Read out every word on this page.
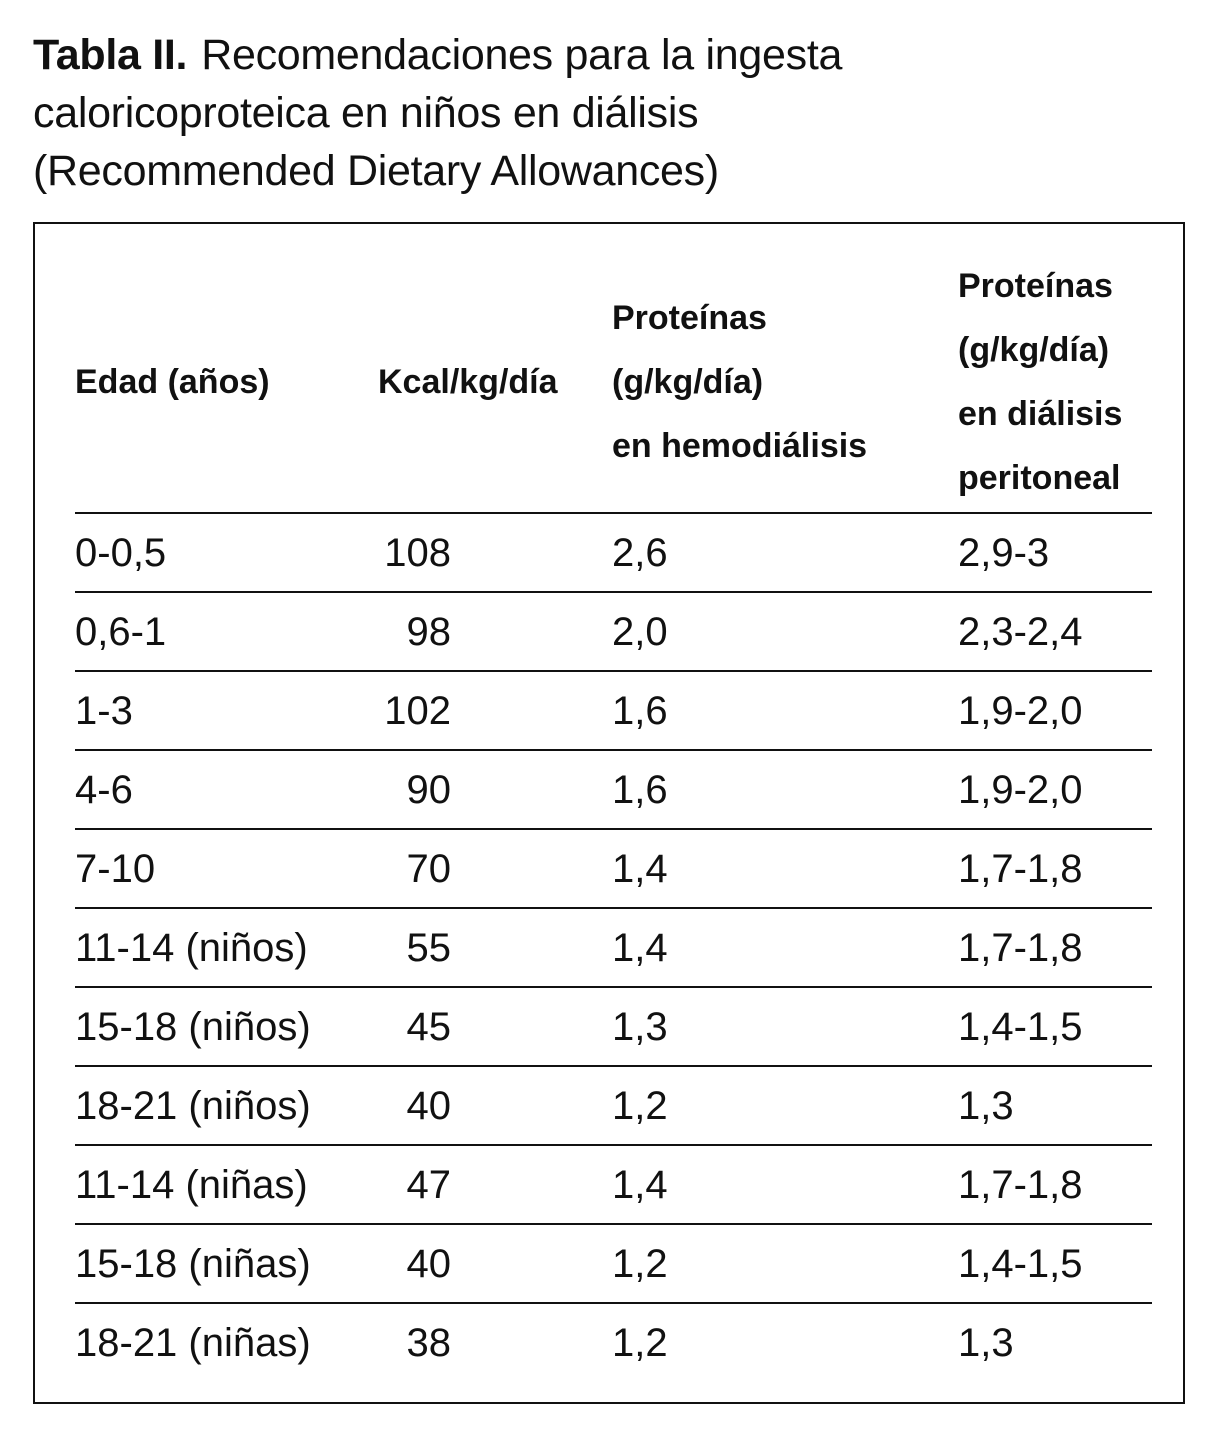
Tabla II. Recomendaciones para la ingesta
caloricoproteica en niños en diálisis
(Recommended Dietary Allowances)
Edad (años)	Kcal/kg/día
Proteínas
(g/kg/día)
en hemodiálisis
Proteínas
(g/kg/día)
en diálisis
peritoneal
0-0,5	108	2,6	2,9-3
0,6-1	98	2,0	2,3-2,4
1-3	102	1,6	1,9-2,0
4-6	90	1,6	1,9-2,0
7-10	70	1,4	1,7-1,8
11-14 (niños)	55	1,4	1,7-1,8
15-18 (niños)	45	1,3	1,4-1,5
18-21 (niños)	40	1,2	1,3
11-14 (niñas)	47	1,4	1,7-1,8
15-18 (niñas)	40	1,2	1,4-1,5
18-21 (niñas)	38	1,2	1,3
